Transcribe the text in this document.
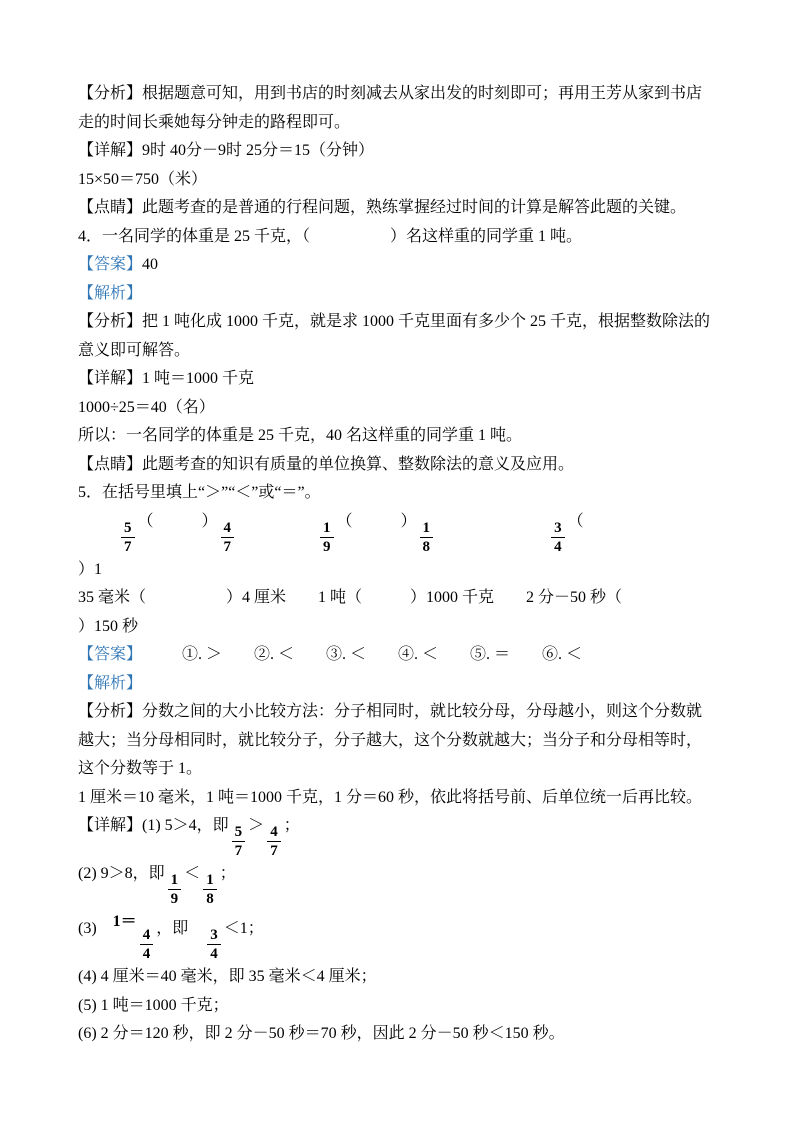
【分析】根据题意可知，用到书店的时刻减去从家出发的时刻即可；再用王芳从家到书店走的时间长乘她每分钟走的路程即可。
【详解】9时 40分－9时 25分＝15（分钟）
15×50＝750（米）
【点睛】此题考查的是普通的行程问题，熟练掌握经过时间的计算是解答此题的关键。
4．一名同学的体重是 25 千克，（　　　　　）名这样重的同学重 1 吨。
【答案】40
【解析】
【分析】把 1 吨化成 1000 千克，就是求 1000 千克里面有多少个 25 千克，根据整数除法的意义即可解答。
【详解】1 吨＝1000 千克
1000÷25＝40（名）
所以：一名同学的体重是 25 千克，40 名这样重的同学重 1 吨。
【点睛】此题考查的知识有质量的单位换算、整数除法的意义及应用。
5．在括号里填上“＞”“＜”或“＝”。
$\frac{5}{7}$ （　　　） $\frac{4}{7}$
　　　　　	$\frac{1}{9}$ （　　　） $\frac{1}{8}$
　　　　　　　	$\frac{3}{4}$ （
）1
35 毫米（　　　　　）4 厘米　　1 吨（　　　）1000 千克　　2 分－50 秒（
）150 秒
【答案】　　　①. ＞　　②. ＜　　③. ＜　　④. ＜　　⑤. ＝　　⑥. ＜
【解析】
【分析】分数之间的大小比较方法：分子相同时，就比较分母，分母越小，则这个分数就越大；当分母相同时，就比较分子，分子越大，这个分数就越大；当分子和分母相等时，这个分数等于 1。
1 厘米＝10 毫米，1 吨＝1000 千克，1 分＝60 秒，依此将括号前、后单位统一后再比较。
【详解】(1) 5＞4，即 $\frac{5}{7} > \frac{4}{7}$ ；
(2) 9＞8，即 $\frac{1}{9} < \frac{1}{8}$ ；
(3)　1＝
$\frac{4}{4}$ ，即　 $\frac{3}{4} <1$；
(4) 4 厘米＝40 毫米，即 35 毫米＜4 厘米；
(5) 1 吨＝1000 千克；
(6) 2 分＝120 秒，即 2 分－50 秒＝70 秒，因此 2 分－50 秒＜150 秒。
